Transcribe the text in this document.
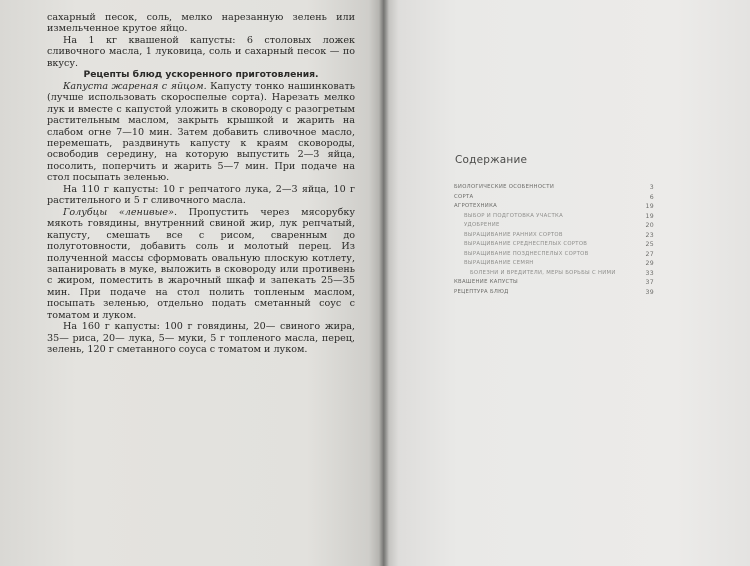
сахарный песок, соль, мелко нарезанную зелень или измельченное крутое яйцо.

На 1 кг квашеной капусты: 6 столовых ложек сливочного масла, 1 луковица, соль и сахарный песок — по вкусу.

Рецепты блюд ускоренного приготовления.

Капуста жареная с яйцом. Капусту тонко нашинковать (лучше использовать скороспелые сорта). Нарезать мелко лук и вместе с капустой уложить в сковороду с разогретым растительным маслом, закрыть крышкой и жарить на слабом огне 7—10 мин. Затем добавить сливочное масло, перемешать, раздвинуть капусту к краям сковороды, освободив середину, на которую выпустить 2—3 яйца, посолить, поперчить и жарить 5—7 мин. При подаче на стол посыпать зеленью.

На 110 г капусты: 10 г репчатого лука, 2—3 яйца, 10 г растительного и 5 г сливочного масла.

Голубцы «ленивые». Пропустить через мясорубку мякоть говядины, внутренний свиной жир, лук репчатый, капусту, смешать все с рисом, сваренным до полуготовности, добавить соль и молотый перец. Из полученной массы сформовать овальную плоскую котлету, запанировать в муке, выложить в сковороду или противень с жиром, поместить в жарочный шкаф и запекать 25—35 мин. При подаче на стол полить топленым маслом, посыпать зеленью, отдельно подать сметанный соус с томатом и луком.

На 160 г капусты: 100 г говядины, 20— свиного жира, 35— риса, 20— лука, 5— муки, 5 г топленого масла, перец, зелень, 120 г сметанного соуса с томатом и луком.

Содержание
БИОЛОГИЧЕСКИЕ ОСОБЕННОСТИ	3
СОРТА	6
АГРОТЕХНИКА	19
ВЫБОР И ПОДГОТОВКА УЧАСТКА	19
УДОБРЕНИЕ	20
ВЫРАЩИВАНИЕ РАННИХ СОРТОВ	23
ВЫРАЩИВАНИЕ СРЕДНЕСПЕЛЫХ СОРТОВ	25
ВЫРАЩИВАНИЕ ПОЗДНЕСПЕЛЫХ СОРТОВ	27
ВЫРАЩИВАНИЕ СЕМЯН	29
БОЛЕЗНИ И ВРЕДИТЕЛИ, МЕРЫ БОРЬБЫ С НИМИ	33
КВАШЕНИЕ КАПУСТЫ	37
РЕЦЕПТУРА БЛЮД	39
